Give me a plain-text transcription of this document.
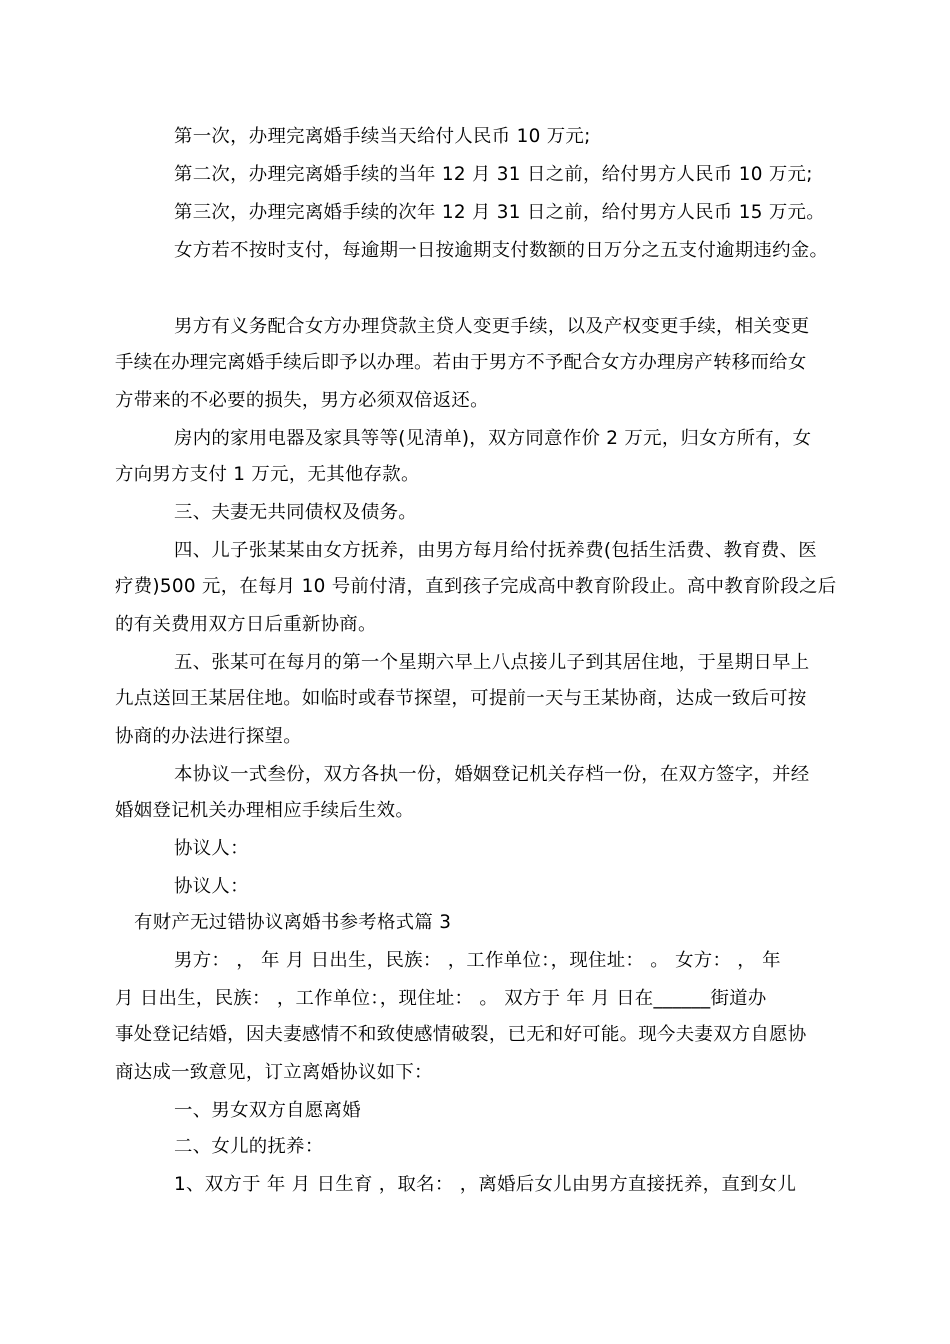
第一次，办理完离婚手续当天给付人民币 10 万元;
第二次，办理完离婚手续的当年 12 月 31 日之前，给付男方人民币 10 万元;
第三次，办理完离婚手续的次年 12 月 31 日之前，给付男方人民币 15 万元。
女方若不按时支付，每逾期一日按逾期支付数额的日万分之五支付逾期违约金。
男方有义务配合女方办理贷款主贷人变更手续，以及产权变更手续，相关变更
手续在办理完离婚手续后即予以办理。若由于男方不予配合女方办理房产转移而给女
方带来的不必要的损失，男方必须双倍返还。
房内的家用电器及家具等等(见清单)，双方同意作价 2 万元，归女方所有，女
方向男方支付 1 万元，无其他存款。
三、夫妻无共同债权及债务。
四、儿子张某某由女方抚养，由男方每月给付抚养费(包括生活费、教育费、医
疗费)500 元，在每月 10 号前付清，直到孩子完成高中教育阶段止。高中教育阶段之后
的有关费用双方日后重新协商。
五、张某可在每月的第一个星期六早上八点接儿子到其居住地，于星期日早上
九点送回王某居住地。如临时或春节探望，可提前一天与王某协商，达成一致后可按
协商的办法进行探望。
本协议一式叁份，双方各执一份，婚姻登记机关存档一份，在双方签字，并经
婚姻登记机关办理相应手续后生效。
协议人：
协议人：
有财产无过错协议离婚书参考格式篇 3
男方： ， 年 月 日出生，民族： ，工作单位：，现住址： 。 女方： ， 年
月 日出生，民族： ，工作单位：，现住址： 。 双方于 年 月 日在______街道办
事处登记结婚，因夫妻感情不和致使感情破裂，已无和好可能。现今夫妻双方自愿协
商达成一致意见，订立离婚协议如下：
一、男女双方自愿离婚
二、女儿的抚养：
1、双方于 年 月 日生育 ，取名： ，离婚后女儿由男方直接抚养，直到女儿
